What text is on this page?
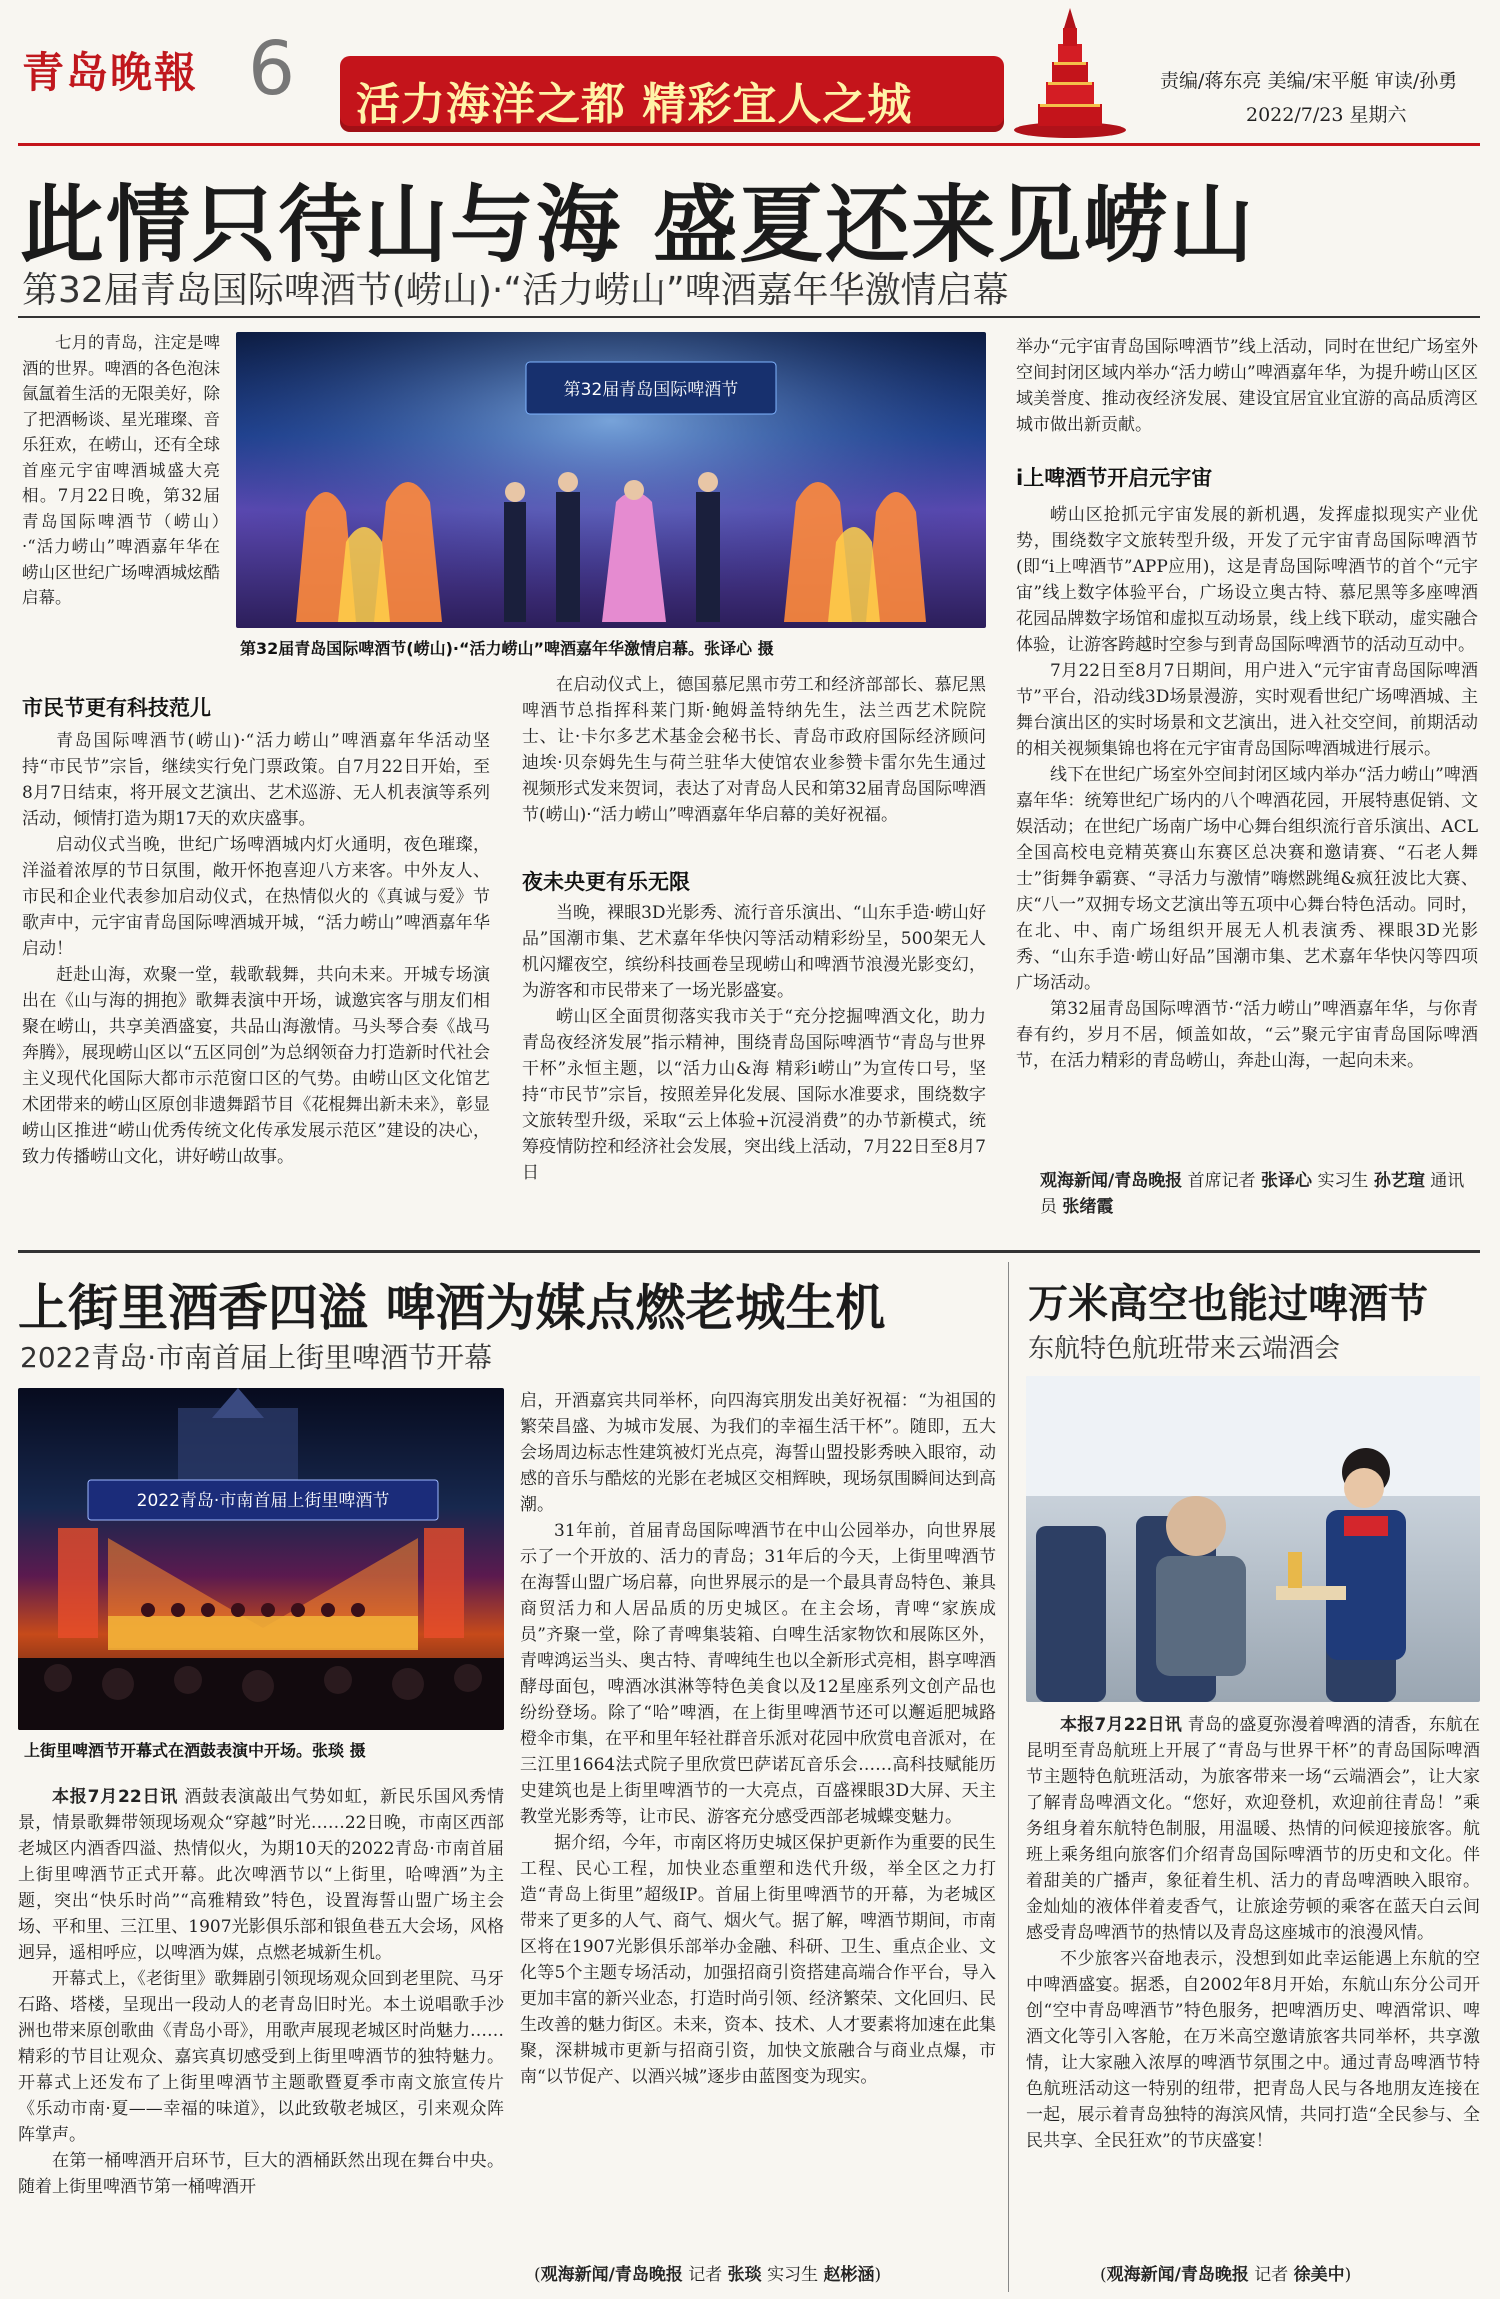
青岛晚報 6 活力海洋之都 精彩宜人之城	责编/蒋东亮 美编/宋平艇 审读/孙勇
2022/7/23 星期六
此情只待山与海 盛夏还来见崂山
第32届青岛国际啤酒节(崂山)·“活力崂山”啤酒嘉年华激情启幕

七月的青岛，注定是啤酒的世界。啤酒的各色泡沫氤氲着生活的无限美好，除了把酒畅谈、星光璀璨、音乐狂欢，在崂山，还有全球首座元宇宙啤酒城盛大亮相。7月22日晚，第32届青岛国际啤酒节（崂山）·“活力崂山”啤酒嘉年华在崂山区世纪广场啤酒城炫酷启幕。

第32届青岛国际啤酒节
第32届青岛国际啤酒节(崂山)·“活力崂山”啤酒嘉年华激情启幕。张译心 摄
市民节更有科技范儿

青岛国际啤酒节(崂山)·“活力崂山”啤酒嘉年华活动坚持“市民节”宗旨，继续实行免门票政策。自7月22日开始，至8月7日结束，将开展文艺演出、艺术巡游、无人机表演等系列活动，倾情打造为期17天的欢庆盛事。

启动仪式当晚，世纪广场啤酒城内灯火通明，夜色璀璨，洋溢着浓厚的节日氛围，敞开怀抱喜迎八方来客。中外友人、市民和企业代表参加启动仪式，在热情似火的《真诚与爱》节歌声中，元宇宙青岛国际啤酒城开城，“活力崂山”啤酒嘉年华启动！

赶赴山海，欢聚一堂，载歌载舞，共向未来。开城专场演出在《山与海的拥抱》歌舞表演中开场，诚邀宾客与朋友们相聚在崂山，共享美酒盛宴，共品山海激情。马头琴合奏《战马奔腾》，展现崂山区以“五区同创”为总纲领奋力打造新时代社会主义现代化国际大都市示范窗口区的气势。由崂山区文化馆艺术团带来的崂山区原创非遗舞蹈节目《花棍舞出新未来》，彰显崂山区推进“崂山优秀传统文化传承发展示范区”建设的决心，致力传播崂山文化，讲好崂山故事。

在启动仪式上，德国慕尼黑市劳工和经济部部长、慕尼黑啤酒节总指挥科莱门斯·鲍姆盖特纳先生，法兰西艺术院院士、让·卡尔多艺术基金会秘书长、青岛市政府国际经济顾问迪埃·贝奈姆先生与荷兰驻华大使馆农业参赞卡雷尔先生通过视频形式发来贺词，表达了对青岛人民和第32届青岛国际啤酒节(崂山)·“活力崂山”啤酒嘉年华启幕的美好祝福。

夜未央更有乐无限

当晚，裸眼3D光影秀、流行音乐演出、“山东手造·崂山好品”国潮市集、艺术嘉年华快闪等活动精彩纷呈，500架无人机闪耀夜空，缤纷科技画卷呈现崂山和啤酒节浪漫光影变幻，为游客和市民带来了一场光影盛宴。

崂山区全面贯彻落实我市关于“充分挖掘啤酒文化，助力青岛夜经济发展”指示精神，围绕青岛国际啤酒节“青岛与世界干杯”永恒主题，以“活力山&海 精彩i崂山”为宣传口号，坚持“市民节”宗旨，按照差异化发展、国际水准要求，围绕数字文旅转型升级，采取“云上体验+沉浸消费”的办节新模式，统筹疫情防控和经济社会发展，突出线上活动，7月22日至8月7日

举办“元宇宙青岛国际啤酒节”线上活动，同时在世纪广场室外空间封闭区域内举办“活力崂山”啤酒嘉年华，为提升崂山区区域美誉度、推动夜经济发展、建设宜居宜业宜游的高品质湾区城市做出新贡献。

i上啤酒节开启元宇宙

崂山区抢抓元宇宙发展的新机遇，发挥虚拟现实产业优势，围绕数字文旅转型升级，开发了元宇宙青岛国际啤酒节(即“i上啤酒节”APP应用)，这是青岛国际啤酒节的首个“元宇宙”线上数字体验平台，广场设立奥古特、慕尼黑等多座啤酒花园品牌数字场馆和虚拟互动场景，线上线下联动，虚实融合体验，让游客跨越时空参与到青岛国际啤酒节的活动互动中。

7月22日至8月7日期间，用户进入“元宇宙青岛国际啤酒节”平台，沿动线3D场景漫游，实时观看世纪广场啤酒城、主舞台演出区的实时场景和文艺演出，进入社交空间，前期活动的相关视频集锦也将在元宇宙青岛国际啤酒城进行展示。

线下在世纪广场室外空间封闭区域内举办“活力崂山”啤酒嘉年华：统筹世纪广场内的八个啤酒花园，开展特惠促销、文娱活动；在世纪广场南广场中心舞台组织流行音乐演出、ACL全国高校电竞精英赛山东赛区总决赛和邀请赛、“石老人舞士”街舞争霸赛、“寻活力与激情”嗨燃跳绳&疯狂波比大赛、庆“八一”双拥专场文艺演出等五项中心舞台特色活动。同时，在北、中、南广场组织开展无人机表演秀、裸眼3D光影秀、“山东手造·崂山好品”国潮市集、艺术嘉年华快闪等四项广场活动。

第32届青岛国际啤酒节·“活力崂山”啤酒嘉年华，与你青春有约，岁月不居，倾盖如故，“云”聚元宇宙青岛国际啤酒节，在活力精彩的青岛崂山，奔赴山海，一起向未来。

观海新闻/青岛晚报 首席记者 张译心 实习生 孙艺瑄 通讯员 张绪霞
上街里酒香四溢 啤酒为媒点燃老城生机
2022青岛·市南首届上街里啤酒节开幕
2022青岛·市南首届上街里啤酒节
上街里啤酒节开幕式在酒鼓表演中开场。张琰 摄

本报7月22日讯 酒鼓表演敲出气势如虹，新民乐国风秀情景，情景歌舞带领现场观众“穿越”时光……22日晚，市南区西部老城区内酒香四溢、热情似火，为期10天的2022青岛·市南首届上街里啤酒节正式开幕。此次啤酒节以“上街里，哈啤酒”为主题，突出“快乐时尚”“高雅精致”特色，设置海誓山盟广场主会场、平和里、三江里、1907光影俱乐部和银鱼巷五大会场，风格迥异，遥相呼应，以啤酒为媒，点燃老城新生机。

开幕式上，《老街里》歌舞剧引领现场观众回到老里院、马牙石路、塔楼，呈现出一段动人的老青岛旧时光。本土说唱歌手沙洲也带来原创歌曲《青岛小哥》，用歌声展现老城区时尚魅力……精彩的节目让观众、嘉宾真切感受到上街里啤酒节的独特魅力。开幕式上还发布了上街里啤酒节主题歌暨夏季市南文旅宣传片《乐动市南·夏——幸福的味道》，以此致敬老城区，引来观众阵阵掌声。

在第一桶啤酒开启环节，巨大的酒桶跃然出现在舞台中央。随着上街里啤酒节第一桶啤酒开

启，开酒嘉宾共同举杯，向四海宾朋发出美好祝福：“为祖国的繁荣昌盛、为城市发展、为我们的幸福生活干杯”。随即，五大会场周边标志性建筑被灯光点亮，海誓山盟投影秀映入眼帘，动感的音乐与酷炫的光影在老城区交相辉映，现场氛围瞬间达到高潮。

31年前，首届青岛国际啤酒节在中山公园举办，向世界展示了一个开放的、活力的青岛；31年后的今天，上街里啤酒节在海誓山盟广场启幕，向世界展示的是一个最具青岛特色、兼具商贸活力和人居品质的历史城区。在主会场，青啤“家族成员”齐聚一堂，除了青啤集装箱、白啤生活家物饮和展陈区外，青啤鸿运当头、奥古特、青啤纯生也以全新形式亮相，斟享啤酒酵母面包，啤酒冰淇淋等特色美食以及12星座系列文创产品也纷纷登场。除了“哈”啤酒，在上街里啤酒节还可以邂逅肥城路橙伞市集，在平和里年轻社群音乐派对花园中欣赏电音派对，在三江里1664法式院子里欣赏巴萨诺瓦音乐会……高科技赋能历史建筑也是上街里啤酒节的一大亮点，百盛裸眼3D大屏、天主教堂光影秀等，让市民、游客充分感受西部老城蝶变魅力。

据介绍，今年，市南区将历史城区保护更新作为重要的民生工程、民心工程，加快业态重塑和迭代升级，举全区之力打造“青岛上街里”超级IP。首届上街里啤酒节的开幕，为老城区带来了更多的人气、商气、烟火气。据了解，啤酒节期间，市南区将在1907光影俱乐部举办金融、科研、卫生、重点企业、文化等5个主题专场活动，加强招商引资搭建高端合作平台，导入更加丰富的新兴业态，打造时尚引领、经济繁荣、文化回归、民生改善的魅力街区。未来，资本、技术、人才要素将加速在此集聚，深耕城市更新与招商引资，加快文旅融合与商业点爆，市南“以节促产、以酒兴城”逐步由蓝图变为现实。

(观海新闻/青岛晚报 记者 张琰 实习生 赵彬涵)
万米高空也能过啤酒节
东航特色航班带来云端酒会

本报7月22日讯 青岛的盛夏弥漫着啤酒的清香，东航在昆明至青岛航班上开展了“青岛与世界干杯”的青岛国际啤酒节主题特色航班活动，为旅客带来一场“云端酒会”，让大家了解青岛啤酒文化。“您好，欢迎登机，欢迎前往青岛！”乘务组身着东航特色制服，用温暖、热情的问候迎接旅客。航班上乘务组向旅客们介绍青岛国际啤酒节的历史和文化。伴着甜美的广播声，象征着生机、活力的青岛啤酒映入眼帘。金灿灿的液体伴着麦香气，让旅途劳顿的乘客在蓝天白云间感受青岛啤酒节的热情以及青岛这座城市的浪漫风情。

不少旅客兴奋地表示，没想到如此幸运能遇上东航的空中啤酒盛宴。据悉，自2002年8月开始，东航山东分公司开创“空中青岛啤酒节”特色服务，把啤酒历史、啤酒常识、啤酒文化等引入客舱，在万米高空邀请旅客共同举杯，共享激情，让大家融入浓厚的啤酒节氛围之中。通过青岛啤酒节特色航班活动这一特别的纽带，把青岛人民与各地朋友连接在一起，展示着青岛独特的海滨风情，共同打造“全民参与、全民共享、全民狂欢”的节庆盛宴！

(观海新闻/青岛晚报 记者 徐美中)
